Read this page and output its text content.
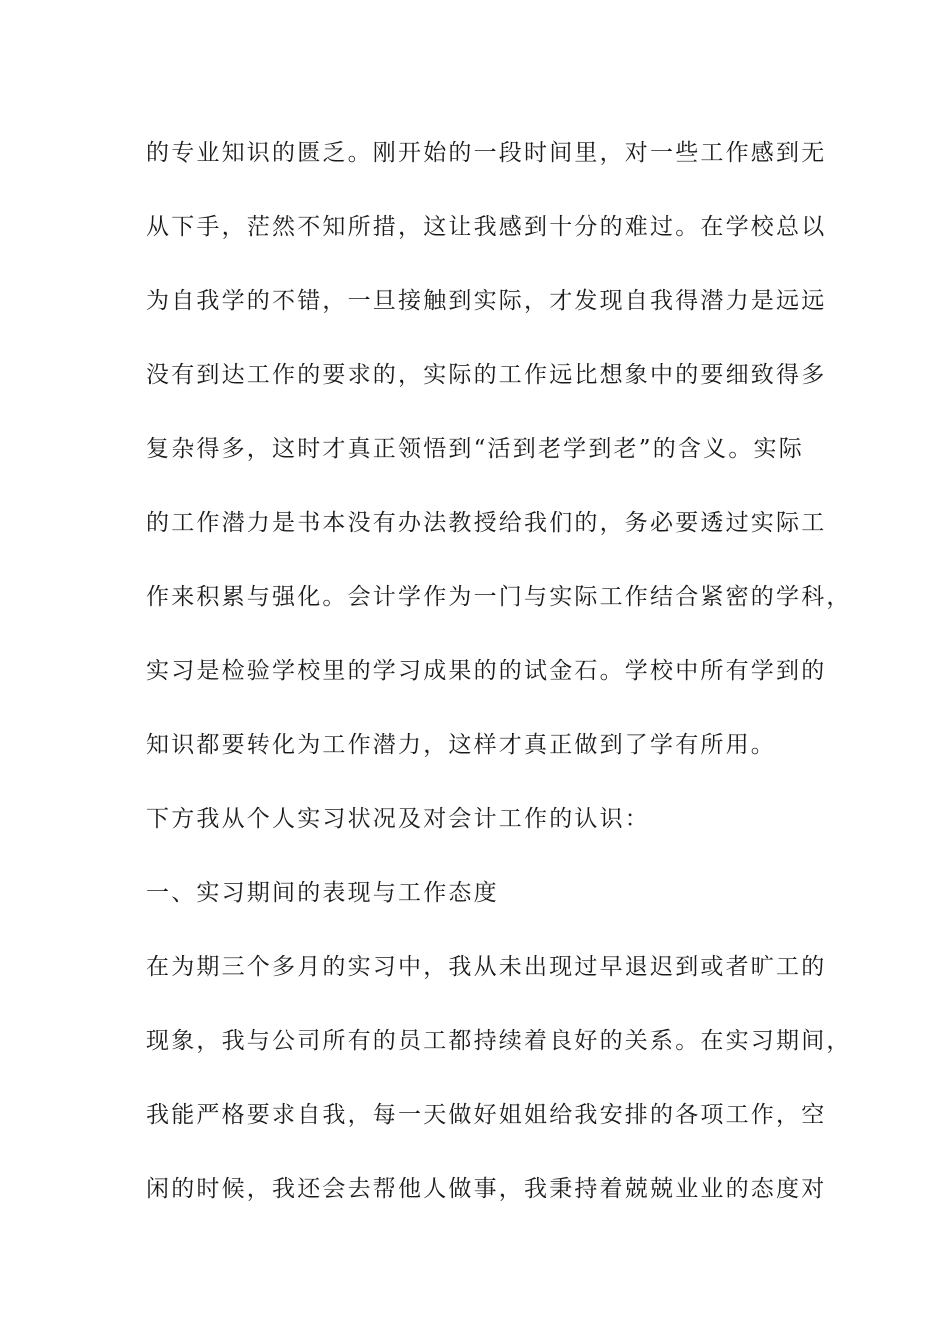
的专业知识的匮乏。刚开始的一段时间里，对一些工作感到无
从下手，茫然不知所措，这让我感到十分的难过。在学校总以
为自我学的不错，一旦接触到实际，才发现自我得潜力是远远
没有到达工作的要求的，实际的工作远比想象中的要细致得多
复杂得多，这时才真正领悟到“活到老学到老”的含义。实际
的工作潜力是书本没有办法教授给我们的，务必要透过实际工
作来积累与强化。会计学作为一门与实际工作结合紧密的学科，
实习是检验学校里的学习成果的的试金石。学校中所有学到的
知识都要转化为工作潜力，这样才真正做到了学有所用。
下方我从个人实习状况及对会计工作的认识：
一、实习期间的表现与工作态度
在为期三个多月的实习中，我从未出现过早退迟到或者旷工的
现象，我与公司所有的员工都持续着良好的关系。在实习期间，
我能严格要求自我，每一天做好姐姐给我安排的各项工作，空
闲的时候，我还会去帮他人做事，我秉持着兢兢业业的态度对
